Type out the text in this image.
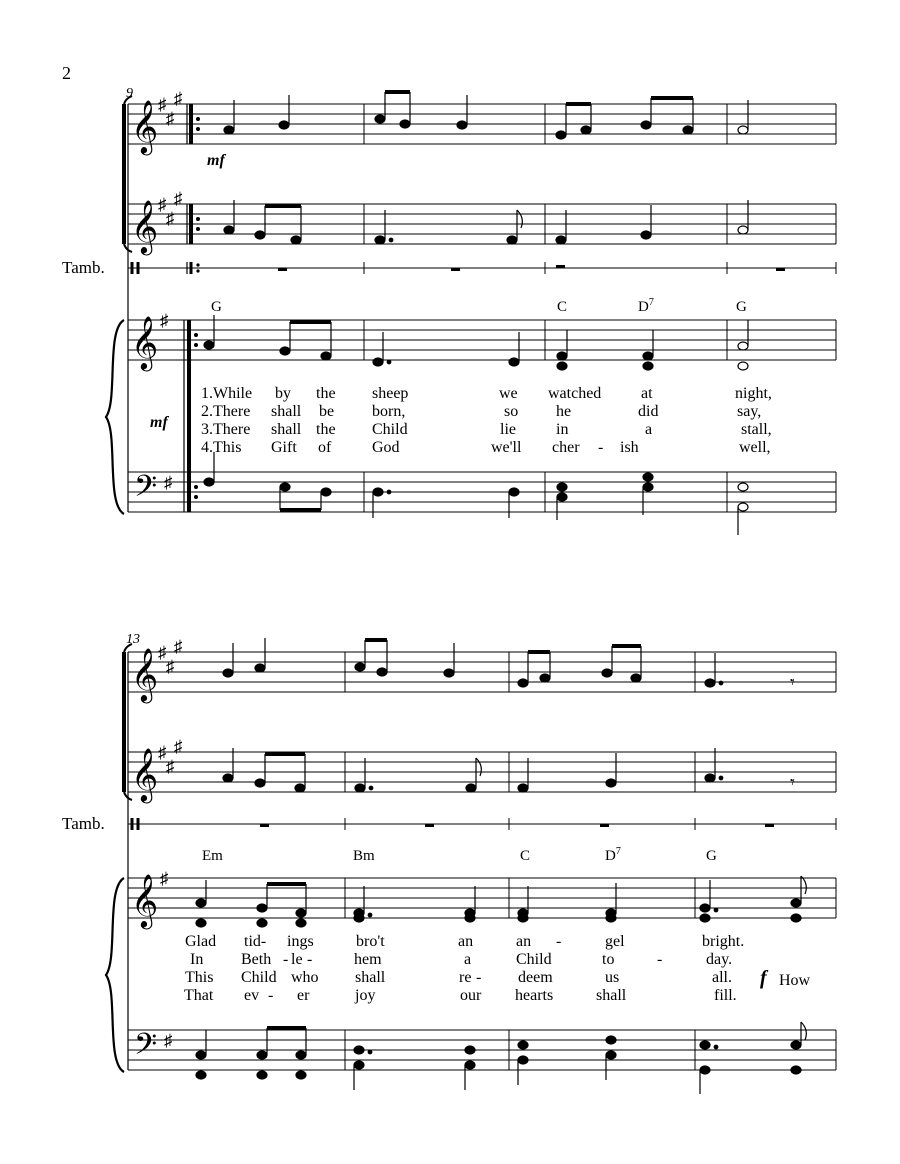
2
9
𝄞 ♯
♯
♯
mf
𝄞 ♯
♯
♯
Tamb.
G	C	$D^7$	G
𝄞 ♯
mf
1.While by the sheep	we watched at	night,
2.There shall be born,	so he	did	say,
3.There shall the Child	lie	in	a	stall,
4.This Gift of	God	we'll cher - ish	well,
𝄢 ♯
13
𝄞 ♯
♯
♯
𝄾
𝄞 ♯
♯
♯
𝄾
Tamb.
Em	Bm	C	$D^7$	G
𝄞 ♯
Glad tid- ings	bro't	an	an -	gel	bright.
In Beth - le -	hem	a	Child	to	-	day.
This Child who shall	re - deem	us	all.
That ev - er	joy	our hearts	shall	fill.
f How
𝄢 ♯
